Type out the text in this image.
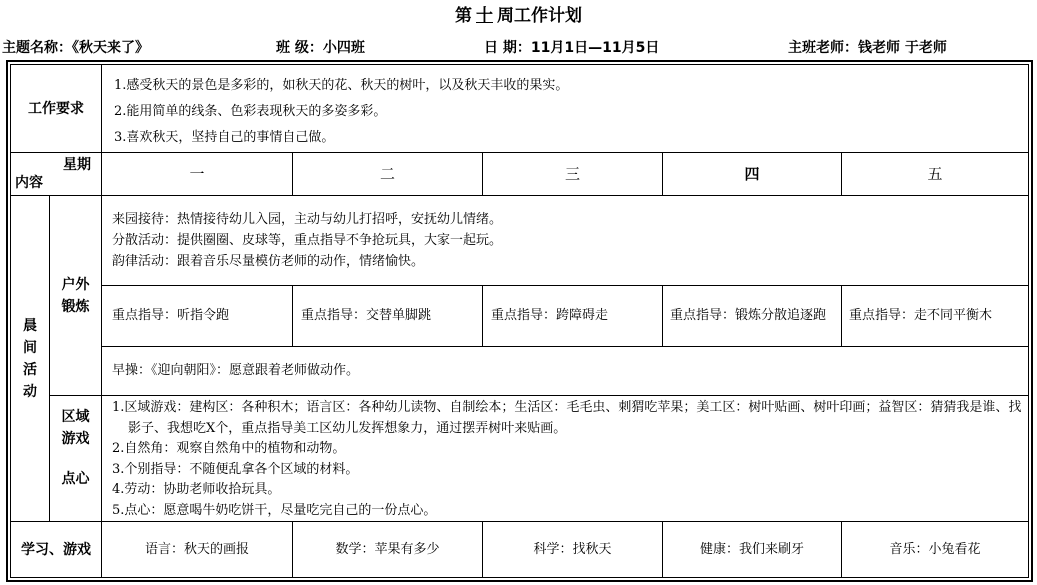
第 十 周工作计划
主题名称：《秋天来了》	班 级：小四班	日 期：11月1日—11月5日	主班老师：钱老师 于老师
工作要求
1.感受秋天的景色是多彩的，如秋天的花、秋天的树叶，以及秋天丰收的果实。
2.能用简单的线条、色彩表现秋天的多姿多彩。
3.喜欢秋天，坚持自己的事情自己做。
星期
内容	一	二	三	四	五
晨间活动
户外锻炼
来园接待：热情接待幼儿入园，主动与幼儿打招呼，安抚幼儿情绪。
分散活动：提供圈圈、皮球等，重点指导不争抢玩具，大家一起玩。
韵律活动：跟着音乐尽量模仿老师的动作，情绪愉快。
重点指导：听指令跑	重点指导：交替单脚跳	重点指导：跨障碍走	重点指导：锻炼分散追逐跑	重点指导：走不同平衡木
早操：《迎向朝阳》：愿意跟着老师做动作。
区域
游戏
点心
1.区域游戏：建构区：各种积木；语言区：各种幼儿读物、自制绘本；生活区：毛毛虫、刺猬吃苹果；美工区：树叶贴画、树叶印画；益智区：猜猜我是谁、找影子、我想吃X个，重点指导美工区幼儿发挥想象力，通过摆弄树叶来贴画。
2.自然角：观察自然角中的植物和动物。
3.个别指导：不随便乱拿各个区域的材料。
4.劳动：协助老师收拾玩具。
5.点心：愿意喝牛奶吃饼干，尽量吃完自己的一份点心。
学习、游戏	语言：秋天的画报	数学：苹果有多少	科学：找秋天	健康：我们来刷牙	音乐：小兔看花
